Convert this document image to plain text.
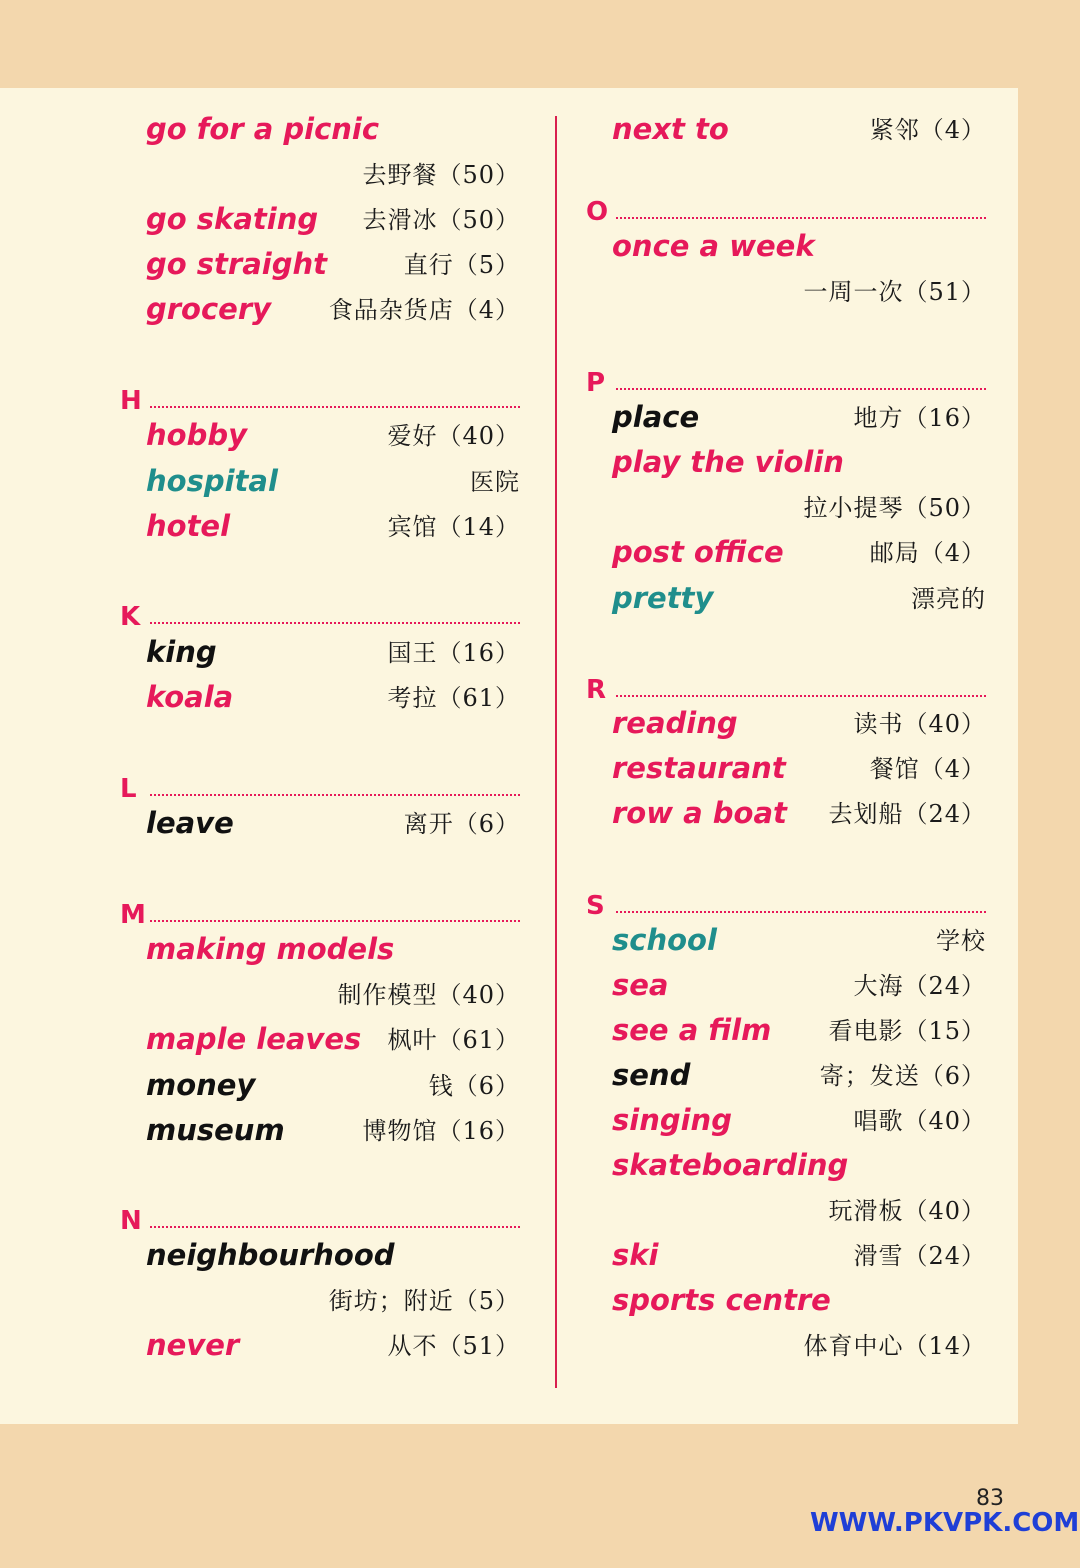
go for a picnic
去野餐（50）
go skating 去滑冰（50）
go straight	直行（5）
grocery 食品杂货店（4）
H
hobby	爱好（40）
hospital	医院
hotel	宾馆（14）
K
king	国王（16）
koala	考拉（61）
L
leave	离开（6）
M
making models
制作模型（40）
maple leaves 枫叶（61）
money	钱（6）
museum	博物馆（16）
N
neighbourhood
街坊；附近（5）
never	从不（51）
next to	紧邻（4）
O
once a week
一周一次（51）
P
place	地方（16）
play the violin
拉小提琴（50）
post office	邮局（4）
pretty	漂亮的
R
reading	读书（40）
restaurant	餐馆（4）
row a boat 去划船（24）
S
school	学校
sea	大海（24）
see a film 看电影（15）
send	寄；发送（6）
singing	唱歌（40）
skateboarding
玩滑板（40）
ski	滑雪（24）
sports centre
体育中心（14）
83
WWW.PKVPK.COM
